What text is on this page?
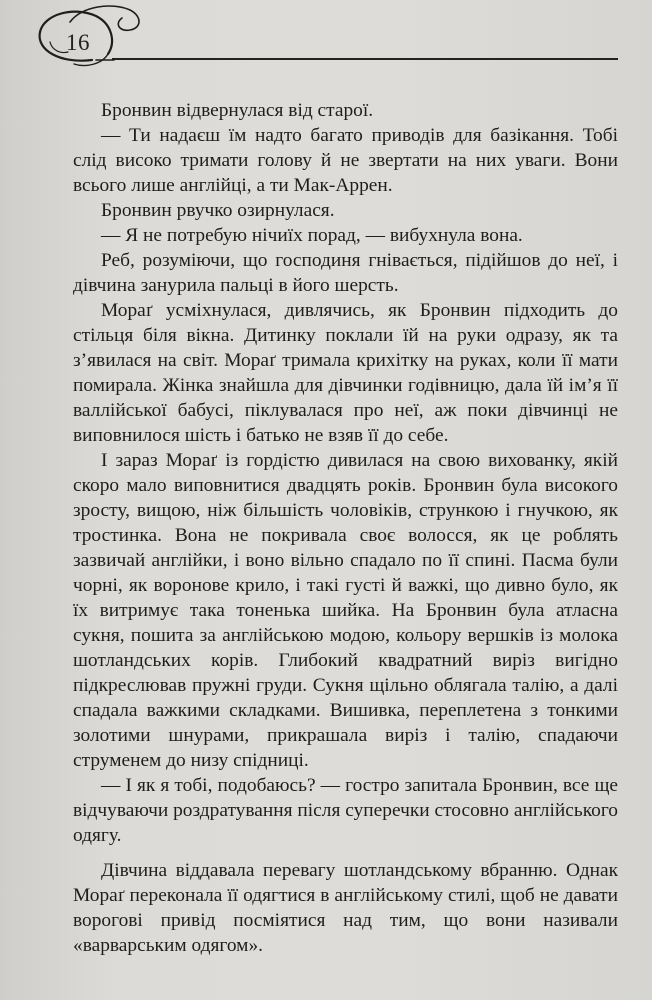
16

Бронвин відвернулася від старої.

— Ти надаєш їм надто багато приводів для базікання. Тобі слід високо тримати голову й не звертати на них уваги. Вони всього лише англійці, а ти Мак-Аррен.

Бронвин рвучко озирнулася.

— Я не потребую нічиїх порад, — вибухнула вона.

Реб, розуміючи, що господиня гнівається, підійшов до неї, і дівчина занурила пальці в його шерсть.

Мораґ усміхнулася, дивлячись, як Бронвин підходить до стільця біля вікна. Дитинку поклали їй на руки одразу, як та з’явилася на світ. Мораґ тримала крихітку на руках, коли її мати помирала. Жінка знайшла для дівчинки годівницю, дала їй ім’я її валлійської бабусі, піклувалася про неї, аж поки дівчинці не виповнилося шість і батько не взяв її до себе.

І зараз Мораґ із гордістю дивилася на свою вихованку, якій скоро мало виповнитися двадцять років. Бронвин була високого зросту, вищою, ніж більшість чоловіків, стрункою і гнучкою, як тростинка. Вона не покривала своє волосся, як це роблять зазвичай англійки, і воно вільно спадало по її спині. Пасма були чорні, як воронове крило, і такі густі й важкі, що дивно було, як їх витримує така тоненька шийка. На Бронвин була атласна сукня, пошита за англійською модою, кольору вершків із молока шотландських корів. Глибокий квадратний виріз вигідно підкреслював пружні груди. Сукня щільно облягала талію, а далі спадала важкими складками. Вишивка, переплетена з тонкими золотими шнурами, прикрашала виріз і талію, спадаючи струменем до низу спідниці.

— І як я тобі, подобаюсь? — гостро запитала Бронвин, все ще відчуваючи роздратування після суперечки стосовно англійського одягу.

Дівчина віддавала перевагу шотландському вбранню. Однак Мораґ переконала її одягтися в англійському стилі, щоб не давати ворогові привід посміятися над тим, що вони називали «варварським одягом».
